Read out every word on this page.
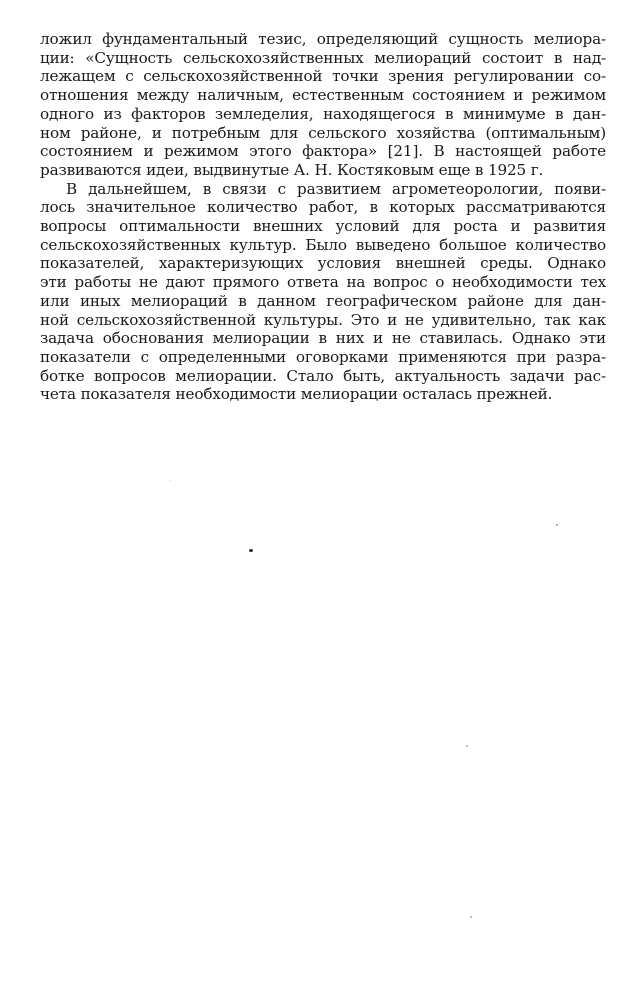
ложил фундаментальный тезис, определяющий сущность мелиора-
ции: «Сущность сельскохозяйственных мелиораций состоит в над-
лежащем с сельскохозяйственной точки зрения регулировании со-
отношения между наличным, естественным состоянием и режимом
одного из факторов земледелия, находящегося в минимуме в дан-
ном районе, и потребным для сельского хозяйства (оптимальным)
состоянием и режимом этого фактора» [21]. В настоящей работе
развиваются идеи, выдвинутые А. Н. Костяковым еще в 1925 г.
В дальнейшем, в связи с развитием агрометеорологии, появи-
лось значительное количество работ, в которых рассматриваются
вопросы оптимальности внешних условий для роста и развития
сельскохозяйственных культур. Было выведено большое количество
показателей, характеризующих условия внешней среды. Однако
эти работы не дают прямого ответа на вопрос о необходимости тех
или иных мелиораций в данном географическом районе для дан-
ной сельскохозяйственной культуры. Это и не удивительно, так как
задача обоснования мелиорации в них и не ставилась. Однако эти
показатели с определенными оговорками применяются при разра-
ботке вопросов мелиорации. Стало быть, актуальность задачи рас-
чета показателя необходимости мелиорации осталась прежней.
